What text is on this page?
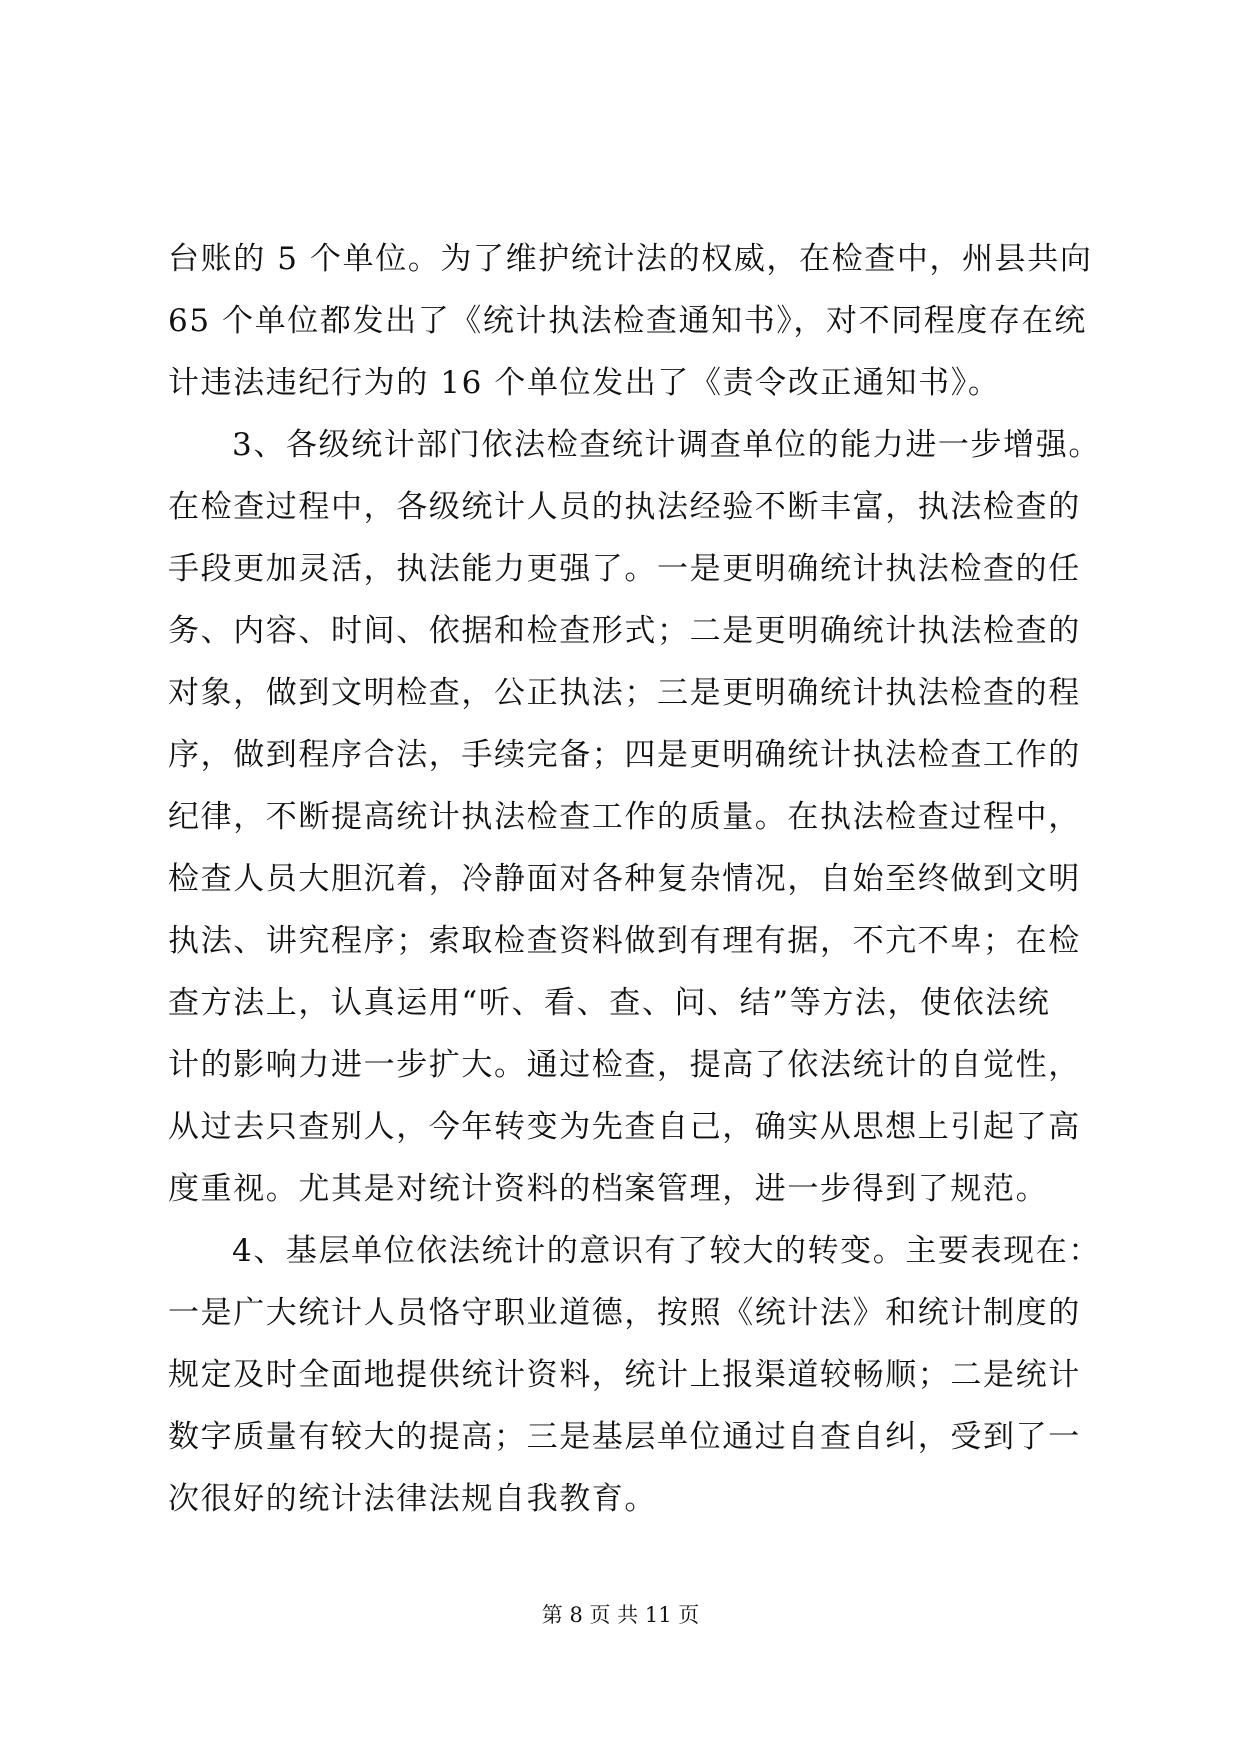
台账的 5 个单位。为了维护统计法的权威，在检查中，州县共向
65 个单位都发出了《统计执法检查通知书》，对不同程度存在统
计违法违纪行为的 16 个单位发出了《责令改正通知书》。
3、各级统计部门依法检查统计调查单位的能力进一步增强。
在检查过程中，各级统计人员的执法经验不断丰富，执法检查的
手段更加灵活，执法能力更强了。一是更明确统计执法检查的任
务、内容、时间、依据和检查形式；二是更明确统计执法检查的
对象，做到文明检查，公正执法；三是更明确统计执法检查的程
序，做到程序合法，手续完备；四是更明确统计执法检查工作的
纪律，不断提高统计执法检查工作的质量。在执法检查过程中，
检查人员大胆沉着，冷静面对各种复杂情况，自始至终做到文明
执法、讲究程序；索取检查资料做到有理有据，不亢不卑；在检
查方法上，认真运用“听、看、查、问、结”等方法，使依法统
计的影响力进一步扩大。通过检查，提高了依法统计的自觉性，
从过去只查别人，今年转变为先查自己，确实从思想上引起了高
度重视。尤其是对统计资料的档案管理，进一步得到了规范。
4、基层单位依法统计的意识有了较大的转变。主要表现在：
一是广大统计人员恪守职业道德，按照《统计法》和统计制度的
规定及时全面地提供统计资料，统计上报渠道较畅顺；二是统计
数字质量有较大的提高；三是基层单位通过自查自纠，受到了一
次很好的统计法律法规自我教育。
第 8 页 共 11 页
